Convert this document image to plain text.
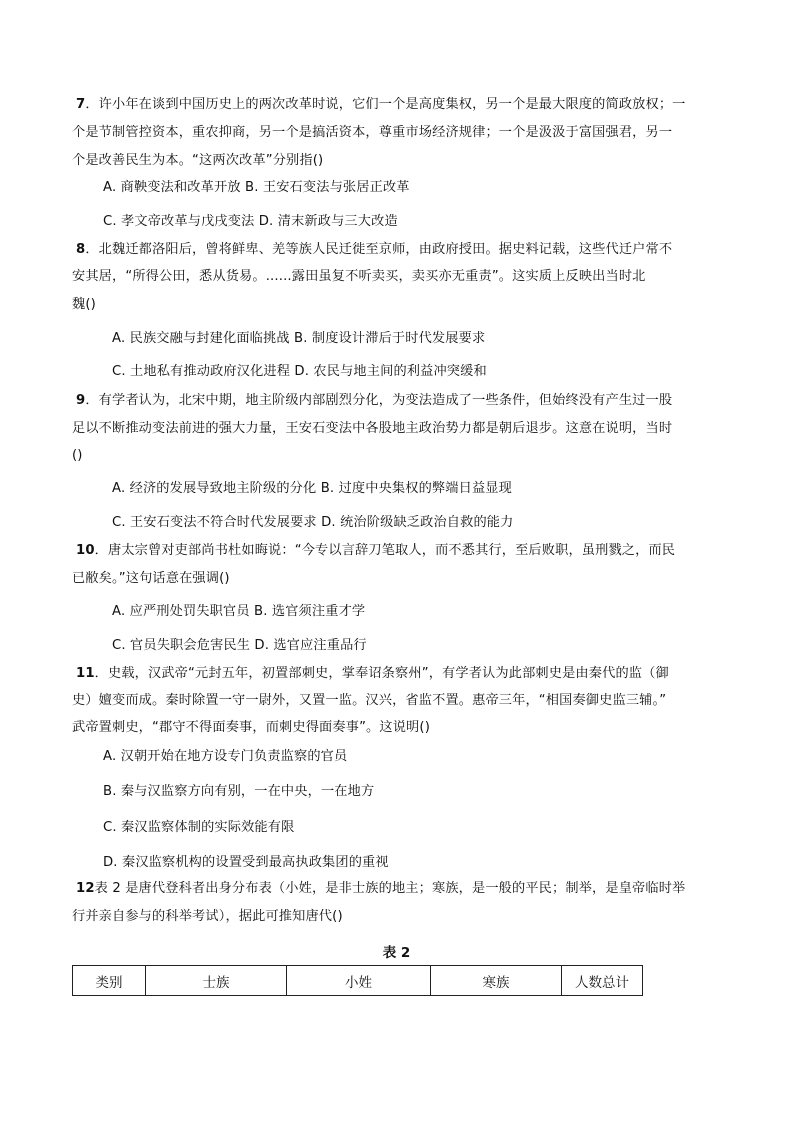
7．许小年在谈到中国历史上的两次改革时说，它们一个是高度集权，另一个是最大限度的简政放权；一
个是节制管控资本，重农抑商，另一个是搞活资本，尊重市场经济规律；一个是汲汲于富国强君，另一
个是改善民生为本。“这两次改革”分别指()
A. 商鞅变法和改革开放 B. 王安石变法与张居正改革
C. 孝文帝改革与戊戌变法 D. 清末新政与三大改造
8．北魏迁都洛阳后，曾将鲜卑、羌等族人民迁徙至京师，由政府授田。据史料记载，这些代迁户常不
安其居，“所得公田，悉从货易。......露田虽复不听卖买，卖买亦无重责”。这实质上反映出当时北
魏()
A. 民族交融与封建化面临挑战 B. 制度设计滞后于时代发展要求
C. 土地私有推动政府汉化进程 D. 农民与地主间的利益冲突缓和
9．有学者认为，北宋中期，地主阶级内部剧烈分化，为变法造成了一些条件，但始终没有产生过一股
足以不断推动变法前进的强大力量，王安石变法中各股地主政治势力都是朝后退步。这意在说明，当时
()
A. 经济的发展导致地主阶级的分化 B. 过度中央集权的弊端日益显现
C. 王安石变法不符合时代发展要求 D. 统治阶级缺乏政治自救的能力
10．唐太宗曾对吏部尚书杜如晦说：“今专以言辞刀笔取人，而不悉其行，至后败职，虽刑戮之，而民
已敝矣。”这句话意在强调()
A. 应严刑处罚失职官员 B. 选官须注重才学
C. 官员失职会危害民生 D. 选官应注重品行
11．史载，汉武帝“元封五年，初置部刺史，掌奉诏条察州”，有学者认为此部刺史是由秦代的监（御
史）嬗变而成。秦时除置一守一尉外，又置一监。汉兴，省监不置。惠帝三年，“相国奏御史监三辅。”
武帝置刺史，“郡守不得面奏事，而刺史得面奏事”。这说明()
A. 汉朝开始在地方设专门负责监察的官员
B. 秦与汉监察方向有别，一在中央，一在地方
C. 秦汉监察体制的实际效能有限
D. 秦汉监察机构的设置受到最高执政集团的重视
12表 2 是唐代登科者出身分布表（小姓，是非士族的地主；寒族，是一般的平民；制举，是皇帝临时举
行并亲自参与的科举考试），据此可推知唐代()
表 2
类别	士族	小姓	寒族	人数总计
